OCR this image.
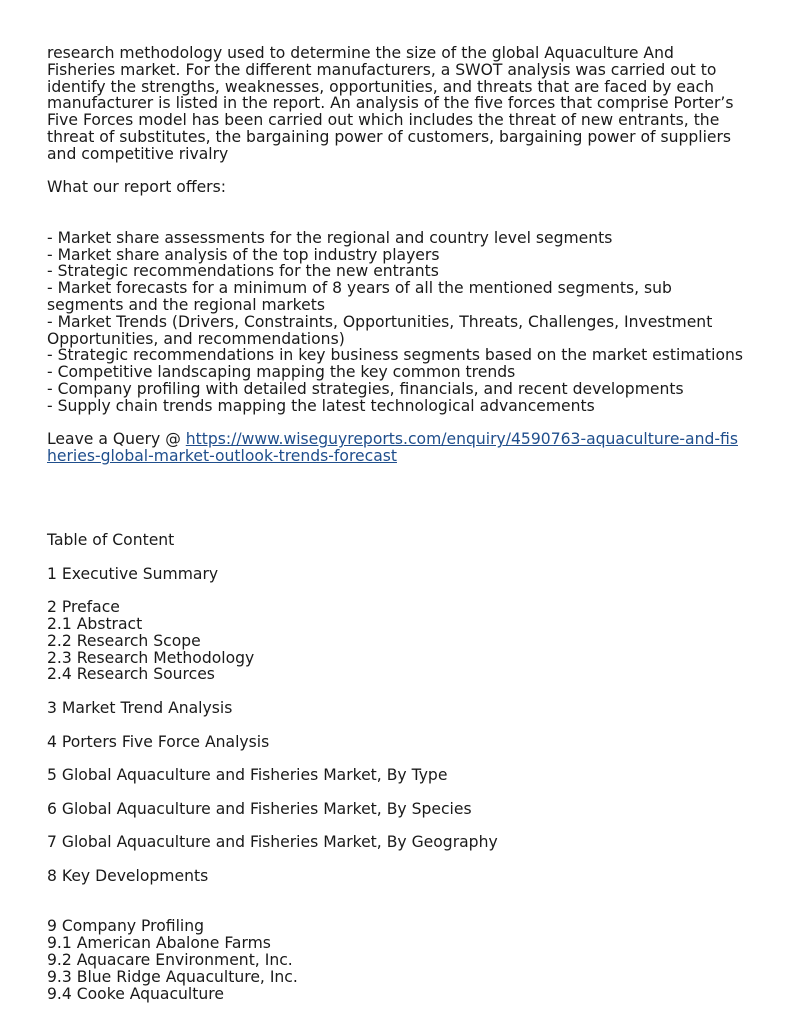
research methodology used to determine the size of the global Aquaculture And Fisheries market. For the different manufacturers, a SWOT analysis was carried out to identify the strengths, weaknesses, opportunities, and threats that are faced by each manufacturer is listed in the report. An analysis of the five forces that comprise Porter’s Five Forces model has been carried out which includes the threat of new entrants, the threat of substitutes, the bargaining power of customers, bargaining power of suppliers and competitive rivalry

What our report offers:

- Market share assessments for the regional and country level segments
- Market share analysis of the top industry players
- Strategic recommendations for the new entrants
- Market forecasts for a minimum of 8 years of all the mentioned segments, sub segments and the regional markets
- Market Trends (Drivers, Constraints, Opportunities, Threats, Challenges, Investment Opportunities, and recommendations)
- Strategic recommendations in key business segments based on the market estimations
- Competitive landscaping mapping the key common trends
- Company profiling with detailed strategies, financials, and recent developments
- Supply chain trends mapping the latest technological advancements

Leave a Query @ https://www.wiseguyreports.com/enquiry/4590763-aquaculture-and-fisheries-global-market-outlook-trends-forecast

Table of Content

1 Executive Summary

2 Preface
2.1 Abstract
2.2 Research Scope
2.3 Research Methodology
2.4 Research Sources

3 Market Trend Analysis

4 Porters Five Force Analysis

5 Global Aquaculture and Fisheries Market, By Type

6 Global Aquaculture and Fisheries Market, By Species

7 Global Aquaculture and Fisheries Market, By Geography

8 Key Developments

9 Company Profiling
9.1 American Abalone Farms
9.2 Aquacare Environment, Inc.
9.3 Blue Ridge Aquaculture, Inc.
9.4 Cooke Aquaculture
